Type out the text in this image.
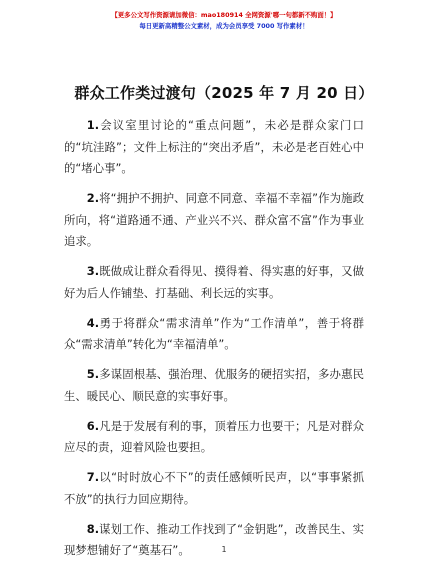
【更多公文写作资源请加微信：mao180914 全网资源'哪一句都新不购面！】
每日更新高精整公文素材，成为会员享受 7000 写作素材！
群众工作类过渡句（2025 年 7 月 20 日）

1.会议室里讨论的“重点问题”，未必是群众家门口的“坑洼路”；文件上标注的“突出矛盾”，未必是老百姓心中的“堵心事”。

2.将“拥护不拥护、同意不同意、幸福不幸福”作为施政所向，将“道路通不通、产业兴不兴、群众富不富”作为事业追求。

3.既做成让群众看得见、摸得着、得实惠的好事，又做好为后人作铺垫、打基础、利长远的实事。

4.勇于将群众“需求清单”作为“工作清单”，善于将群众“需求清单”转化为“幸福清单”。

5.多谋固根基、强治理、优服务的硬招实招，多办惠民生、暖民心、顺民意的实事好事。

6.凡是于发展有利的事，顶着压力也要干；凡是对群众应尽的责，迎着风险也要担。

7.以“时时放心不下”的责任感倾听民声，以“事事紧抓不放”的执行力回应期待。

8.谋划工作、推动工作找到了“金钥匙”，改善民生、实现梦想铺好了“奠基石”。	1
